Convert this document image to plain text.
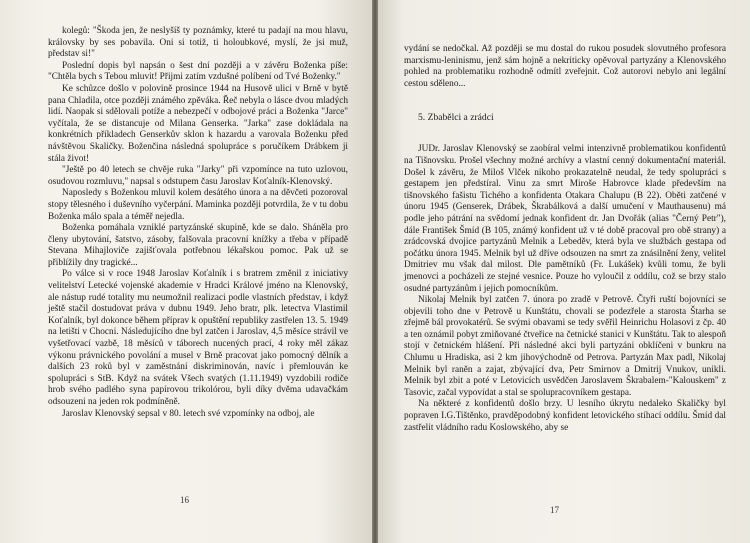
kolegů: "Škoda jen, že neslyšíš ty poznámky, které tu padají na mou hlavu, královsky by ses pobavila. Oni si totiž, ti holoubkové, myslí, že jsi muž, představ si!"

Poslední dopis byl napsán o šest dní později a v závěru Boženka píše: "Chtěla bych s Tebou mluvit! Přijmi zatím vzdušné políbení od Tvé Boženky."

Ke schůzce došlo v polovině prosince 1944 na Husově ulici v Brně v bytě pana Chladila, otce později známého zpěváka. Řeč nebyla o lásce dvou mladých lidí. Naopak si sdělovali potíže a nebezpečí v odbojové práci a Boženka "Jarce" vyčítala, že se distancuje od Milana Genserka. "Jarka" zase dokládala na konkrétních příkladech Genserkův sklon k hazardu a varovala Boženku před návštěvou Skaličky. Boženčina následná spolupráce s poručíkem Drábkem ji stála život!

"Ještě po 40 letech se chvěje ruka "Jarky" při vzpomínce na tuto uzlovou, osudovou rozmluvu," napsal s odstupem času Jaroslav Koťalník-Klenovský.

Naposledy s Boženkou mluvil kolem desátého února a na děvčeti pozoroval stopy tělesného i duševního vyčerpání. Maminka později potvrdila, že v tu dobu Boženka málo spala a téměř nejedla.

Boženka pomáhala vzniklé partyzánské skupině, kde se dalo. Sháněla pro členy ubytování, šatstvo, zásoby, falšovala pracovní knížky a třeba v případě Stevana Mihajloviče zajišťovala potřebnou lékařskou pomoc. Pak už se přiblížily dny tragické...

Po válce si v roce 1948 Jaroslav Koťalník i s bratrem změnil z iniciativy velitelství Letecké vojenské akademie v Hradci Králové jméno na Klenovský, ale nástup rudé totality mu neumožnil realizaci podle vlastních představ, i když ještě stačil dostudovat práva v dubnu 1949. Jeho bratr, plk. letectva Vlastimil Koťalník, byl dokonce během příprav k opuštění republiky zastřelen 13. 5. 1949 na letišti v Chocni. Následujícího dne byl zatčen i Jaroslav, 4,5 měsíce strávil ve vyšetřovací vazbě, 18 měsíců v táborech nucených prací, 4 roky měl zákaz výkonu právnického povolání a musel v Brně pracovat jako pomocný dělník a dalších 23 roků byl v zaměstnání diskriminován, navíc i přemlouván ke spolupráci s StB. Když na svátek Všech svatých (1.11.1949) vyzdobili rodiče hrob svého padlého syna papírovou trikolórou, byli díky dvěma udavačkám odsouzeni na jeden rok podmíněně.

Jaroslav Klenovský sepsal v 80. letech své vzpomínky na odboj, ale

16

vydání se nedočkal. Až později se mu dostal do rukou posudek slovutného profesora marxismu-leninismu, jenž sám hojně a nekriticky opěvoval partyzány a Klenovského pohled na problematiku rozhodně odmítl zveřejnit. Což autorovi nebylo ani legální cestou sděleno...

5. Zbabělci a zrádci

JUDr. Jaroslav Klenovský se zaobíral velmi intenzivně problematikou konfidentů na Tišnovsku. Prošel všechny možné archívy a vlastní cenný dokumentační materiál. Došel k závěru, že Miloš Vlček nikoho prokazatelně neudal, že tedy spolupráci s gestapem jen předstíral. Vinu za smrt Miroše Habrovce klade především na tišnovského fašistu Tichého a konfidenta Otakara Chalupu (B 22). Oběti zatčené v únoru 1945 (Genserek, Drábek, Škrabálková a další umučení v Mauthausenu) má podle jeho pátrání na svědomí jednak konfident dr. Jan Dvořák (alias "Černý Petr"), dále František Šmíd (B 105, známý konfident už v té době pracoval pro obě strany) a zrádcovská dvojice partyzánů Melnik a Lebeděv, která byla ve službách gestapa od počátku února 1945. Melnik byl už dříve odsouzen na smrt za znásilnění ženy, velitel Dmitriev mu však dal milost. Dle pamětníků (Fr. Lukášek) kvůli tomu, že byli jmenovci a pocházeli ze stejné vesnice. Pouze ho vyloučil z oddílu, což se brzy stalo osudné partyzánům i jejich pomocníkům.

Nikolaj Melnik byl zatčen 7. února po zradě v Petrově. Čtyři ruští bojovníci se objevili toho dne v Petrově u Kunštátu, chovali se podezřele a starosta Štarha se zřejmě bál provokatérů. Se svými obavami se tedy svěřil Heinrichu Holasovi z čp. 40 a ten oznámil pobyt zmiňované čtveřice na četnické stanici v Kunštátu. Tak to alespoň stojí v četnickém hlášení. Při následné akci byli partyzáni obklíčeni v bunkru na Chlumu u Hradiska, asi 2 km jihovýchodně od Petrova. Partyzán Max padl, Nikolaj Melnik byl raněn a zajat, zbývající dva, Petr Smirnov a Dmitrij Vnukov, unikli. Melnik byl zbit a poté v Letovicích usvědčen Jaroslavem Škrabalem-"Kalouskem" z Tasovic, začal vypovídat a stal se spolupracovníkem gestapa.

Na některé z konfidentů došlo brzy. U lesního úkrytu nedaleko Skaličky byl popraven I.G.Tištěnko, pravděpodobný konfident letovického stíhací oddílu. Šmíd dal zastřelit vládního radu Koslowského, aby se

17
